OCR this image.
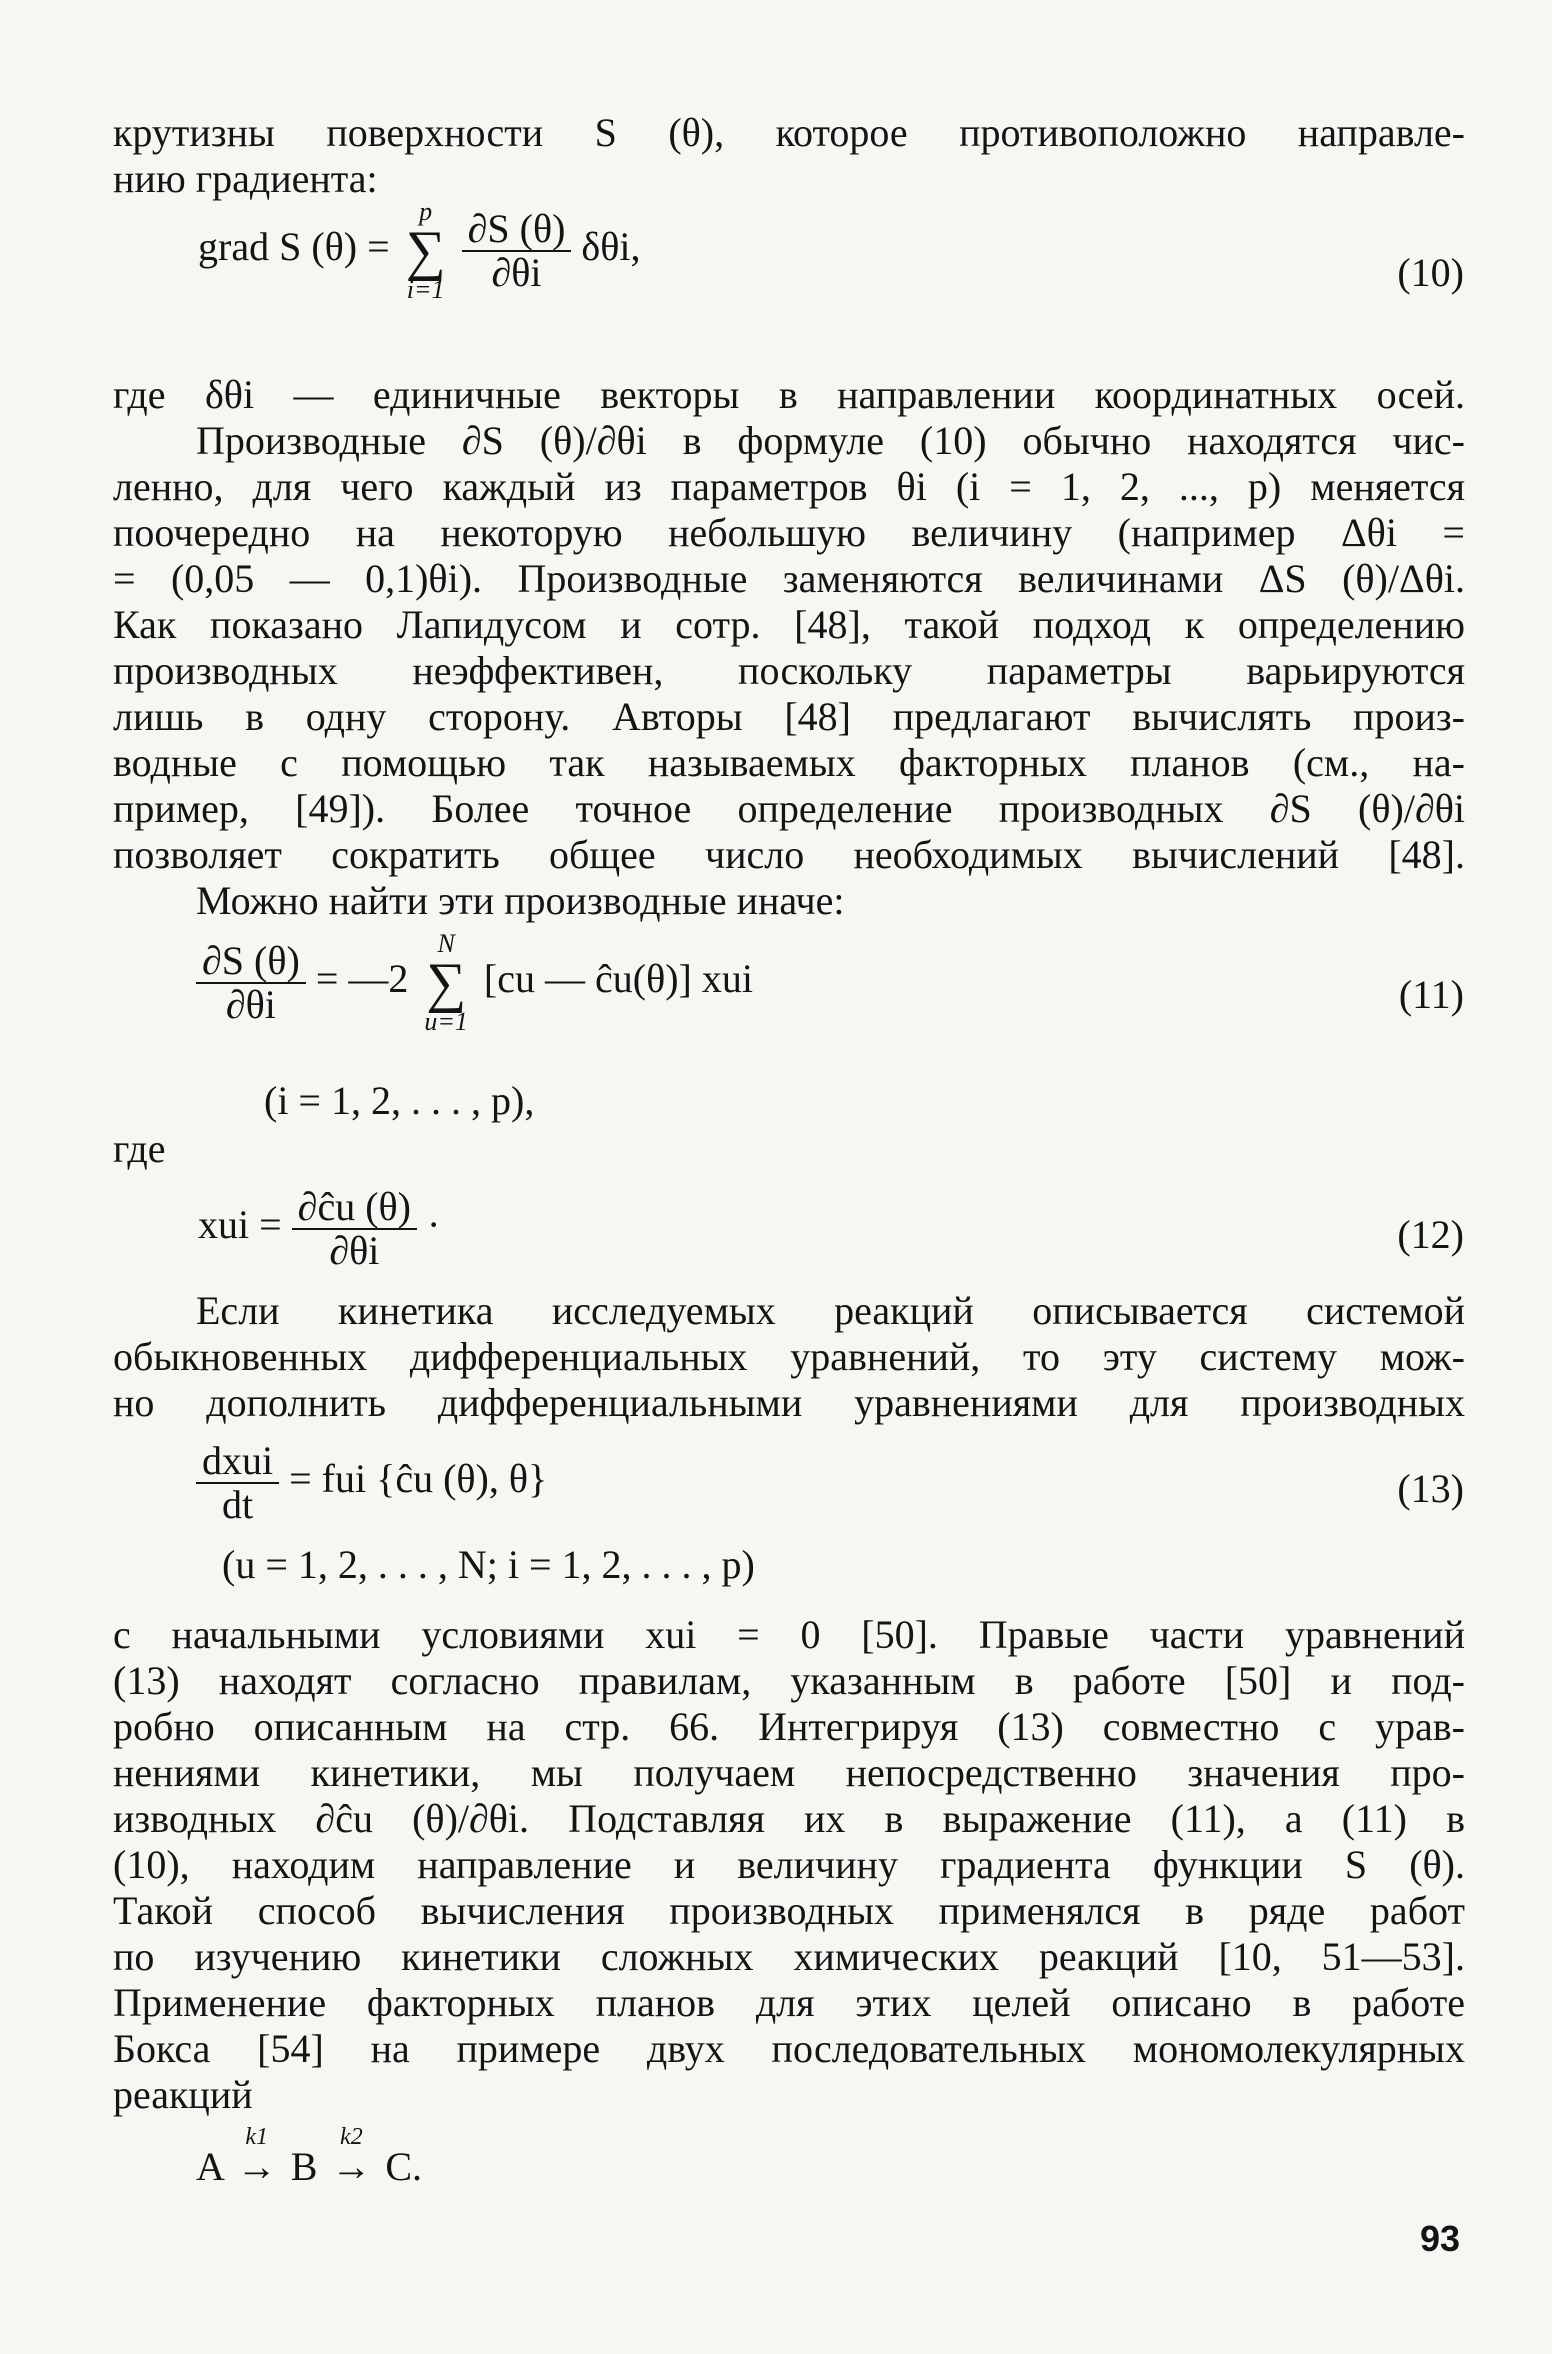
крутизны поверхности S (θ), которое противоположно направле-
нию градиента:
grad S (θ) =
p
∑
i=1
$\frac{\partial S (\theta)}{\partial\theta i} \delta\theta i$,
(10)
где δθi — единичные векторы в направлении координатных осей.
Производные ∂S (θ)/∂θi в формуле (10) обычно находятся чис-
ленно, для чего каждый из параметров θi (i = 1, 2, ..., p) меняется
поочередно на некоторую небольшую величину (например Δθi =
= (0,05 — 0,1)θi). Производные заменяются величинами ΔS (θ)/Δθi.
Как показано Лапидусом и сотр. [48], такой подход к определению
производных неэффективен, поскольку параметры варьируются
лишь в одну сторону. Авторы [48] предлагают вычислять произ-
водные с помощью так называемых факторных планов (см., на-
пример, [49]). Более точное определение производных ∂S (θ)/∂θi
позволяет сократить общее число необходимых вычислений [48].
Можно найти эти производные иначе:
$\frac{\partial S (\theta)}{\partial\theta i}$ = —2
N
∑
u=1
[cu — ĉu(θ)] xui	(11)
(i = 1, 2, . . . , p),
где
xui = $\frac{\partial ĉu (\theta)}{\partial\theta i}$ ·	(12)
Если кинетика исследуемых реакций описывается системой
обыкновенных дифференциальных уравнений, то эту систему мож-
но дополнить дифференциальными уравнениями для производных
$\frac{\text{dxui}}{dt}$ = fui {ĉu (θ), θ}	(13)
(u = 1, 2, . . . , N; i = 1, 2, . . . , p)
с начальными условиями xui = 0 [50]. Правые части уравнений
(13) находят согласно правилам, указанным в работе [50] и под-
робно описанным на стр. 66. Интегрируя (13) совместно с урав-
нениями кинетики, мы получаем непосредственно значения про-
изводных ∂ĉu (θ)/∂θi. Подставляя их в выражение (11), а (11) в
(10), находим направление и величину градиента функции S (θ).
Такой способ вычисления производных применялся в ряде работ
по изучению кинетики сложных химических реакций [10, 51—53].
Применение факторных планов для этих целей описано в работе
Бокса [54] на примере двух последовательных мономолекулярных
реакций
A →
k1
B →
k2
C.
93
